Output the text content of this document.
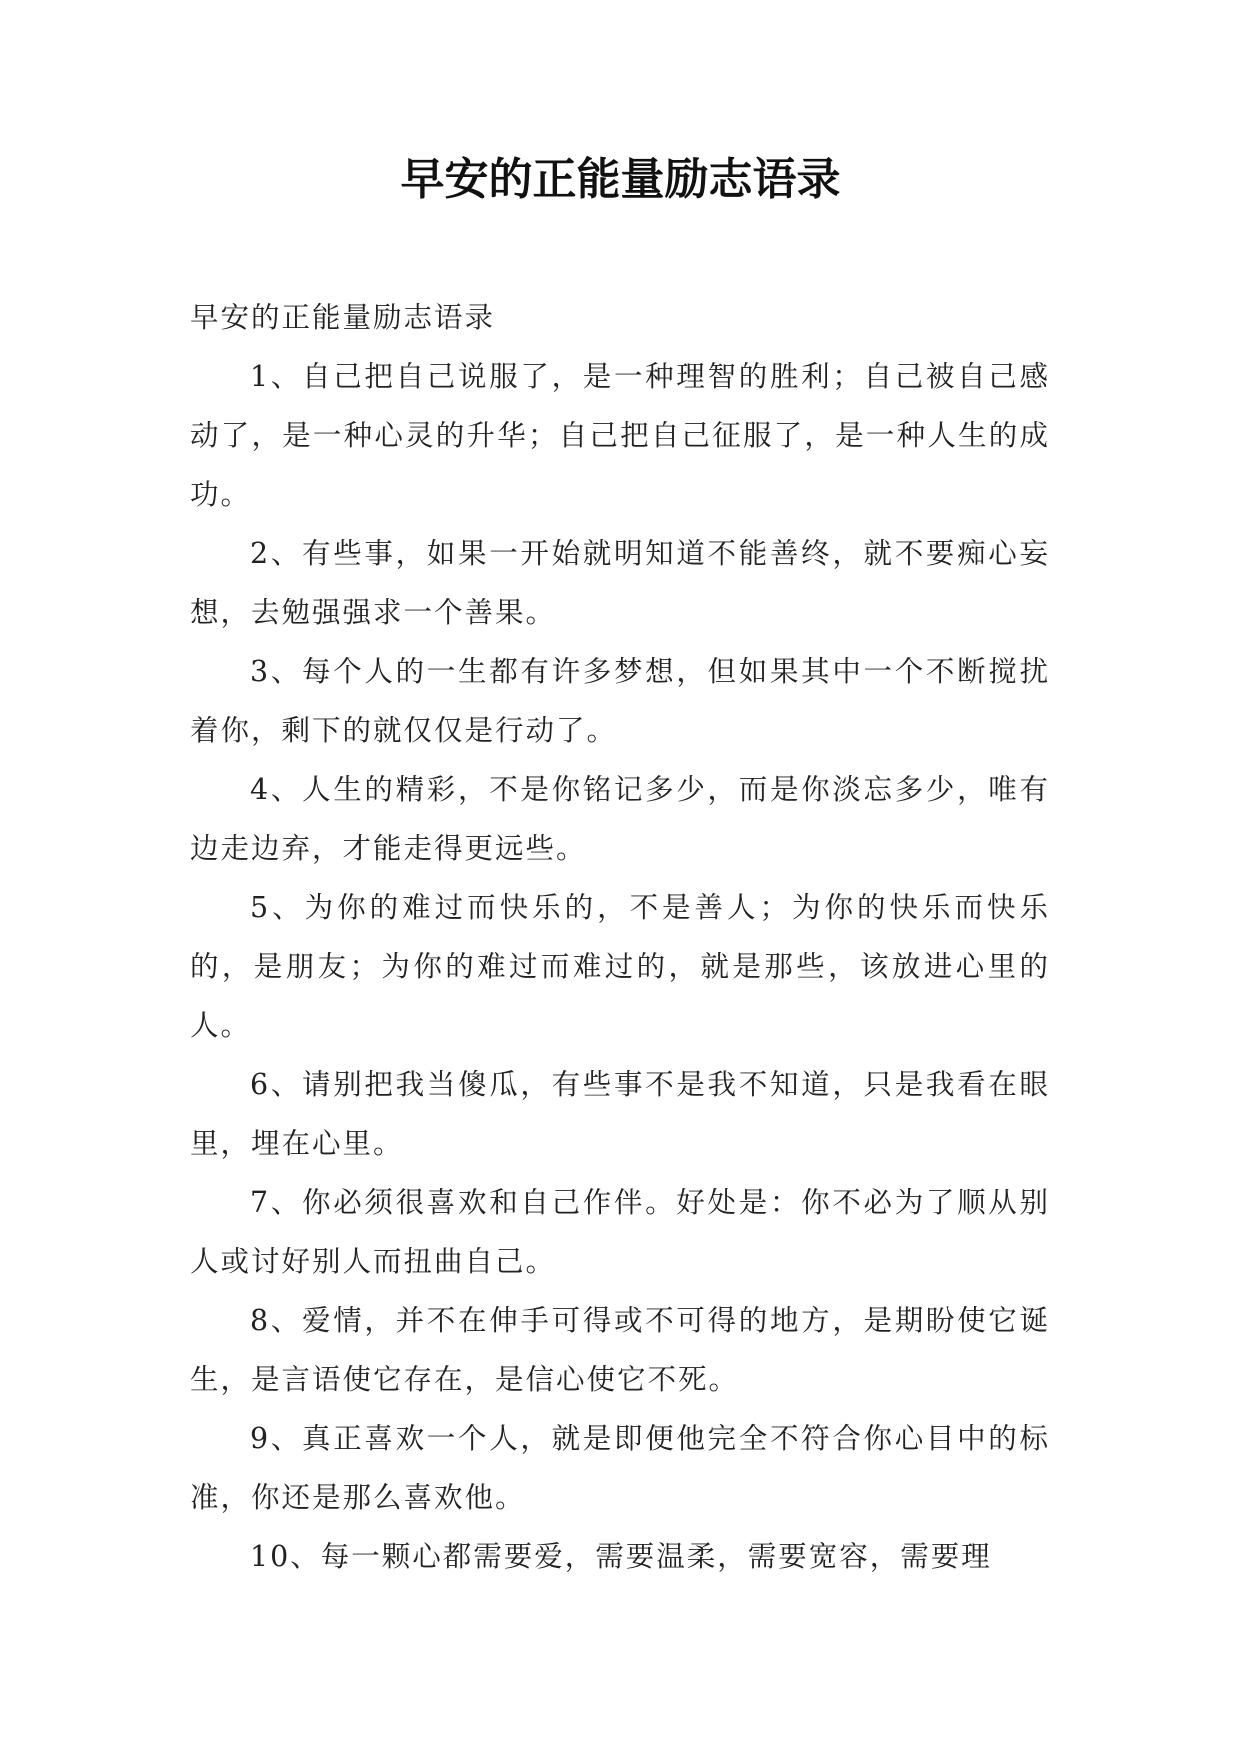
早安的正能量励志语录

早安的正能量励志语录

1、自己把自己说服了，是一种理智的胜利；自己被自己感动了，是一种心灵的升华；自己把自己征服了，是一种人生的成功。

2、有些事，如果一开始就明知道不能善终，就不要痴心妄想，去勉强强求一个善果。

3、每个人的一生都有许多梦想，但如果其中一个不断搅扰着你，剩下的就仅仅是行动了。

4、人生的精彩，不是你铭记多少，而是你淡忘多少，唯有边走边弃，才能走得更远些。

5、为你的难过而快乐的，不是善人；为你的快乐而快乐的，是朋友；为你的难过而难过的，就是那些，该放进心里的人。

6、请别把我当傻瓜，有些事不是我不知道，只是我看在眼里，埋在心里。

7、你必须很喜欢和自己作伴。好处是：你不必为了顺从别人或讨好别人而扭曲自己。

8、爱情，并不在伸手可得或不可得的地方，是期盼使它诞生，是言语使它存在，是信心使它不死。

9、真正喜欢一个人，就是即便他完全不符合你心目中的标准，你还是那么喜欢他。

10、每一颗心都需要爱，需要温柔，需要宽容，需要理
